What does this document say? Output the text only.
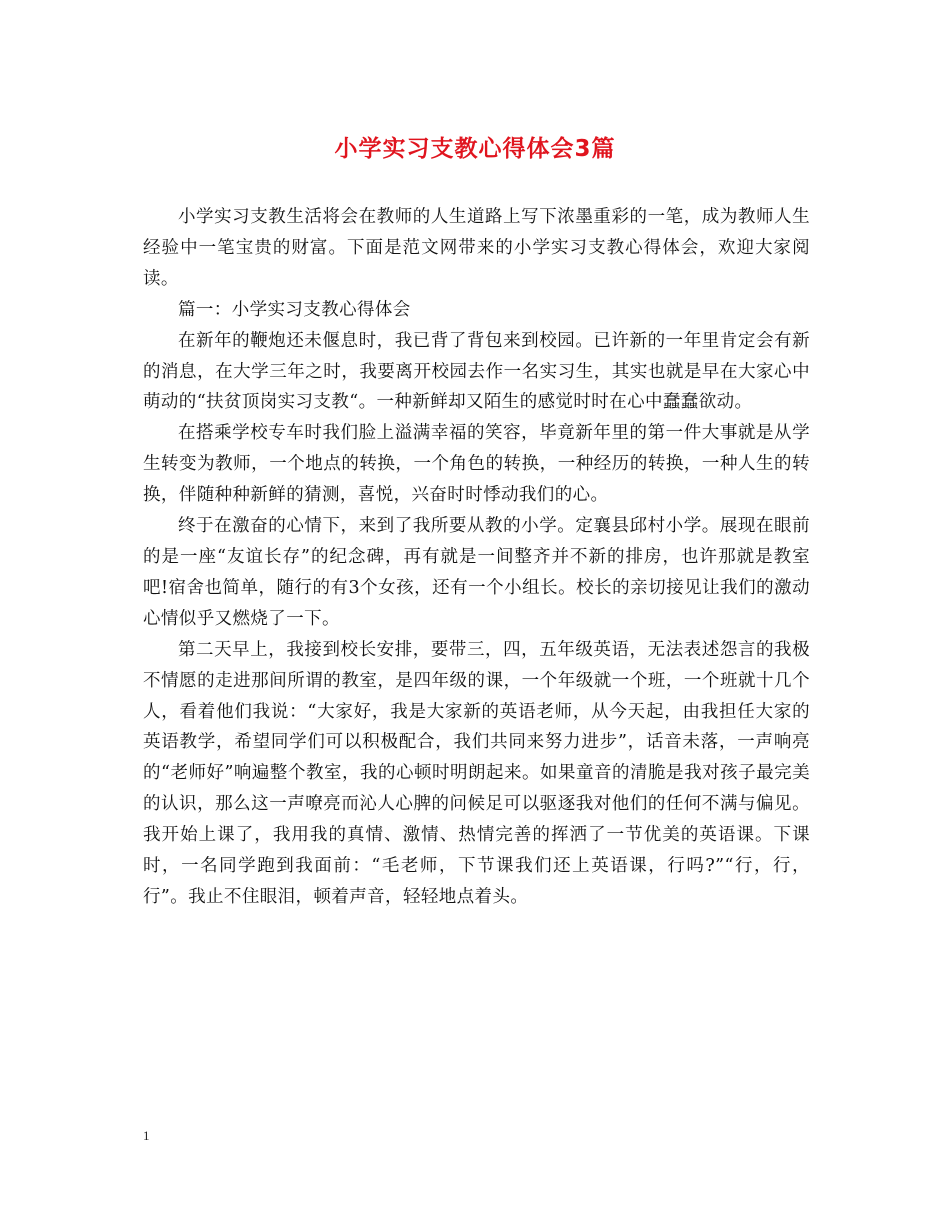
小学实习支教心得体会3篇

小学实习支教生活将会在教师的人生道路上写下浓墨重彩的一笔，成为教师人生经验中一笔宝贵的财富。下面是范文网带来的小学实习支教心得体会，欢迎大家阅读。

篇一：小学实习支教心得体会

在新年的鞭炮还未偃息时，我已背了背包来到校园。已许新的一年里肯定会有新的消息，在大学三年之时，我要离开校园去作一名实习生，其实也就是早在大家心中萌动的“扶贫顶岗实习支教“。一种新鲜却又陌生的感觉时时在心中蠢蠢欲动。

在搭乘学校专车时我们脸上溢满幸福的笑容，毕竟新年里的第一件大事就是从学生转变为教师，一个地点的转换，一个角色的转换，一种经历的转换，一种人生的转换，伴随种种新鲜的猜测，喜悦，兴奋时时悸动我们的心。

终于在激奋的心情下，来到了我所要从教的小学。定襄县邱村小学。展现在眼前的是一座“友谊长存”的纪念碑，再有就是一间整齐并不新的排房，也许那就是教室吧!宿舍也简单，随行的有3个女孩，还有一个小组长。校长的亲切接见让我们的激动心情似乎又燃烧了一下。

第二天早上，我接到校长安排，要带三，四，五年级英语，无法表述怨言的我极不情愿的走进那间所谓的教室，是四年级的课，一个年级就一个班，一个班就十几个人，看着他们我说：“大家好，我是大家新的英语老师，从今天起，由我担任大家的英语教学，希望同学们可以积极配合，我们共同来努力进步”，话音未落，一声响亮的“老师好”响遍整个教室，我的心顿时明朗起来。如果童音的清脆是我对孩子最完美的认识，那么这一声嘹亮而沁人心脾的问候足可以驱逐我对他们的任何不满与偏见。我开始上课了，我用我的真情、激情、热情完善的挥洒了一节优美的英语课。下课时，一名同学跑到我面前：“毛老师，下节课我们还上英语课，行吗?”“行，行，行”。我止不住眼泪，顿着声音，轻轻地点着头。

1
